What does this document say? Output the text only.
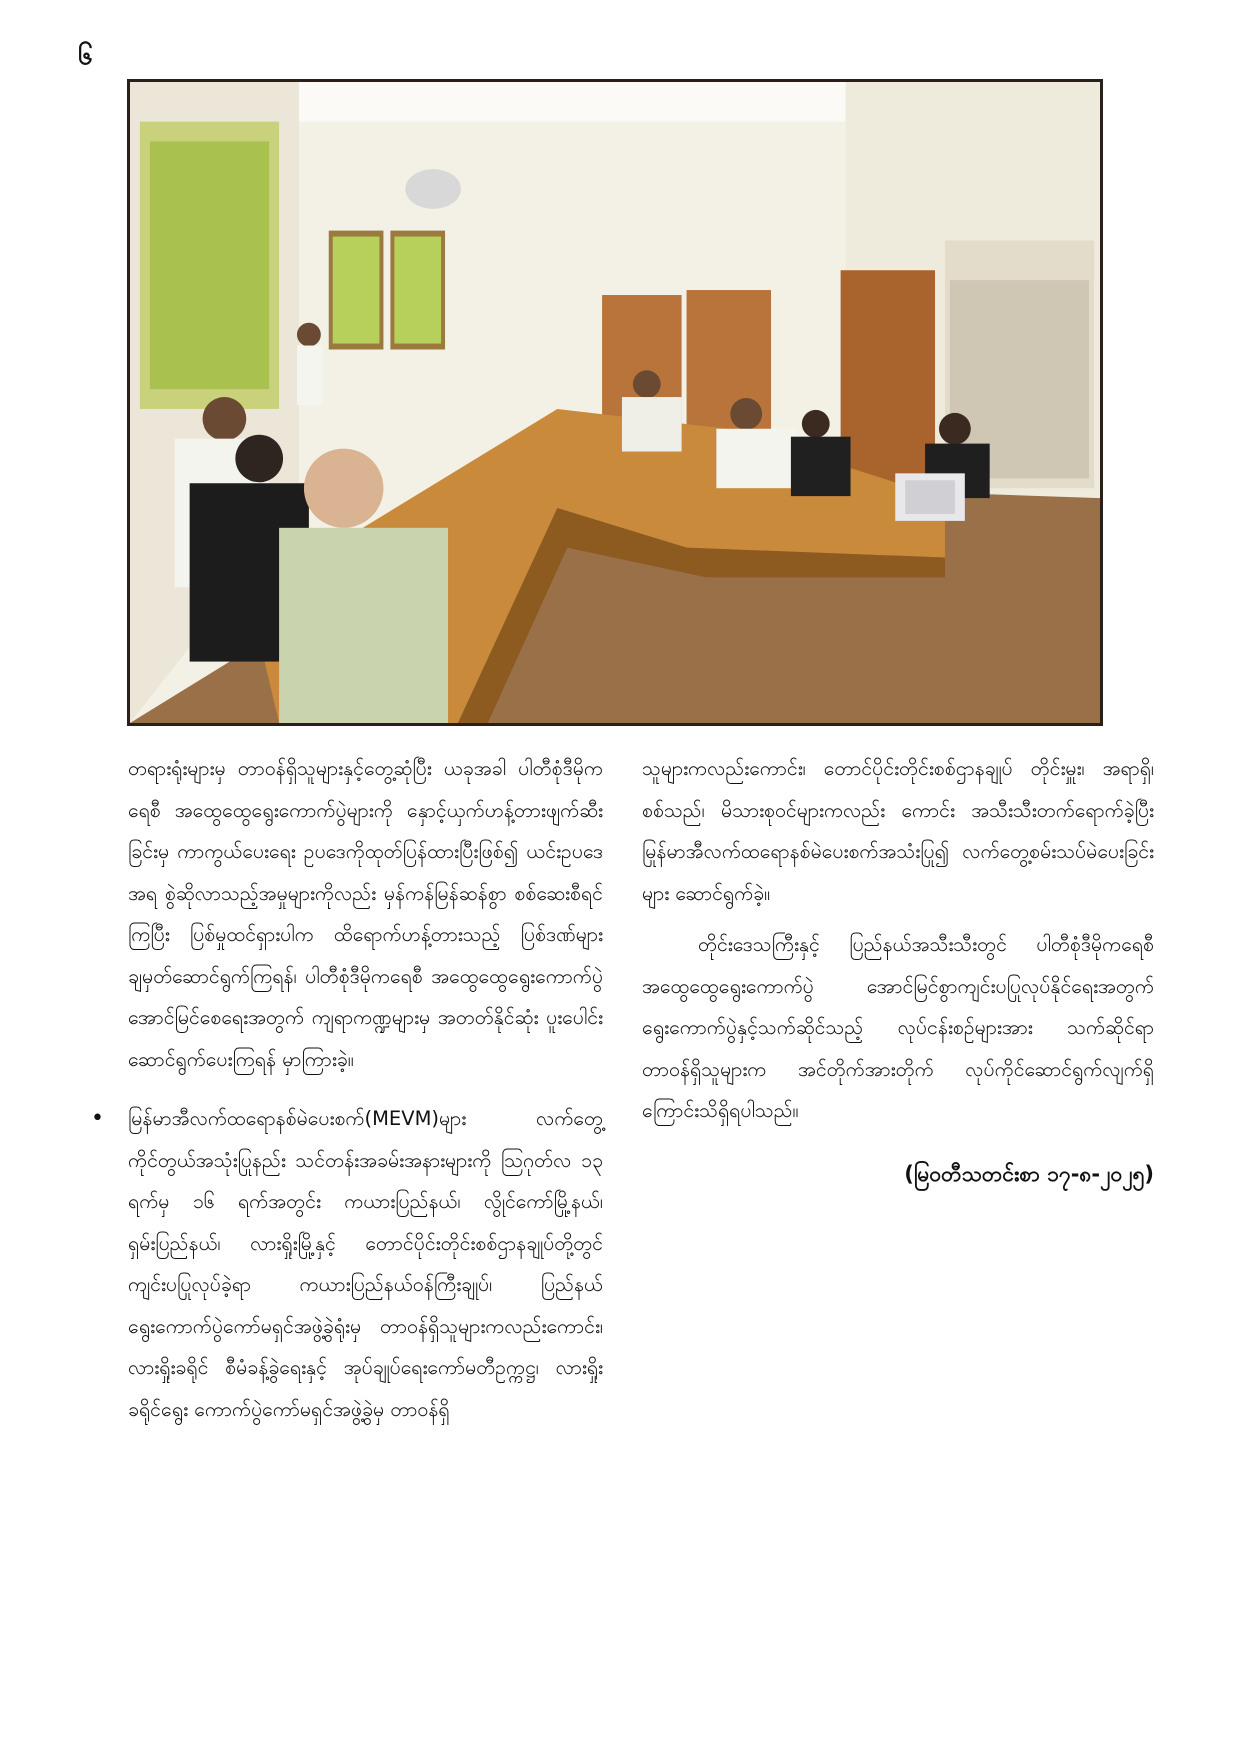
၆

တရားရုံးများမှ တာဝန်ရှိသူများနှင့်တွေ့ဆုံပြီး ယခုအခါ ပါတီစုံဒီမိုကရေစီ အထွေထွေရွေးကောက်ပွဲများကို နှောင့်ယှက်ဟန့်တားဖျက်ဆီးခြင်းမှ ကာကွယ်ပေးရေး ဥပဒေကိုထုတ်ပြန်ထားပြီးဖြစ်၍ ယင်းဥပဒေအရ စွဲဆိုလာသည့်အမှုများကိုလည်း မှန်ကန်မြန်ဆန်စွာ စစ်ဆေးစီရင်ကြပြီး ပြစ်မှုထင်ရှားပါက ထိရောက်ဟန့်တားသည့် ပြစ်ဒဏ်များချမှတ်ဆောင်ရွက်ကြရန်၊ ပါတီစုံဒီမိုကရေစီ အထွေထွေရွေးကောက်ပွဲ အောင်မြင်စေရေးအတွက် ကျရာကဏ္ဍများမှ အတတ်နိုင်ဆုံး ပူးပေါင်းဆောင်ရွက်ပေးကြရန် မှာကြားခဲ့။

• မြန်မာအီလက်ထရောနစ်မဲပေးစက်(MEVM)များ လက်တွေ့ကိုင်တွယ်အသုံးပြုနည်း သင်တန်းအခမ်းအနားများကို ဩဂုတ်လ ၁၃ ရက်မှ ၁၆ ရက်အတွင်း ကယားပြည်နယ်၊ လွိုင်ကော်မြို့နယ်၊ ရှမ်းပြည်နယ်၊ လားရှိုးမြို့နှင့် တောင်ပိုင်းတိုင်းစစ်ဌာနချုပ်တို့တွင် ကျင်းပပြုလုပ်ခဲ့ရာ ကယားပြည်နယ်ဝန်ကြီးချုပ်၊ ပြည်နယ်ရွေးကောက်ပွဲကော်မရှင်အဖွဲ့ခွဲရုံးမှ တာဝန်ရှိသူများကလည်းကောင်း၊ လားရှိုးခရိုင် စီမံခန့်ခွဲရေးနှင့် အုပ်ချုပ်ရေးကော်မတီဥက္ကဋ္ဌ၊ လားရှိုးခရိုင်ရွေး ကောက်ပွဲကော်မရှင်အဖွဲ့ခွဲမှ တာဝန်ရှိ

သူများကလည်းကောင်း၊ တောင်ပိုင်းတိုင်းစစ်ဌာနချုပ် တိုင်းမှူး၊ အရာရှိ၊ စစ်သည်၊ မိသားစုဝင်များကလည်း ကောင်း အသီးသီးတက်ရောက်ခဲ့ပြီး မြန်မာအီလက်ထရောနစ်မဲပေးစက်အသုံးပြု၍ လက်တွေ့စမ်းသပ်မဲပေးခြင်းများ ဆောင်ရွက်ခဲ့။

တိုင်းဒေသကြီးနှင့် ပြည်နယ်အသီးသီးတွင် ပါတီစုံဒီမိုကရေစီအထွေထွေရွေးကောက်ပွဲ အောင်မြင်စွာကျင်းပပြုလုပ်နိုင်ရေးအတွက် ရွေးကောက်ပွဲနှင့်သက်ဆိုင်သည့် လုပ်ငန်းစဉ်များအား သက်ဆိုင်ရာတာဝန်ရှိသူများက အင်တိုက်အားတိုက် လုပ်ကိုင်ဆောင်ရွက်လျက်ရှိကြောင်းသိရှိရပါသည်။

(မြဝတီသတင်းစာ ၁၇-၈-၂၀၂၅)
